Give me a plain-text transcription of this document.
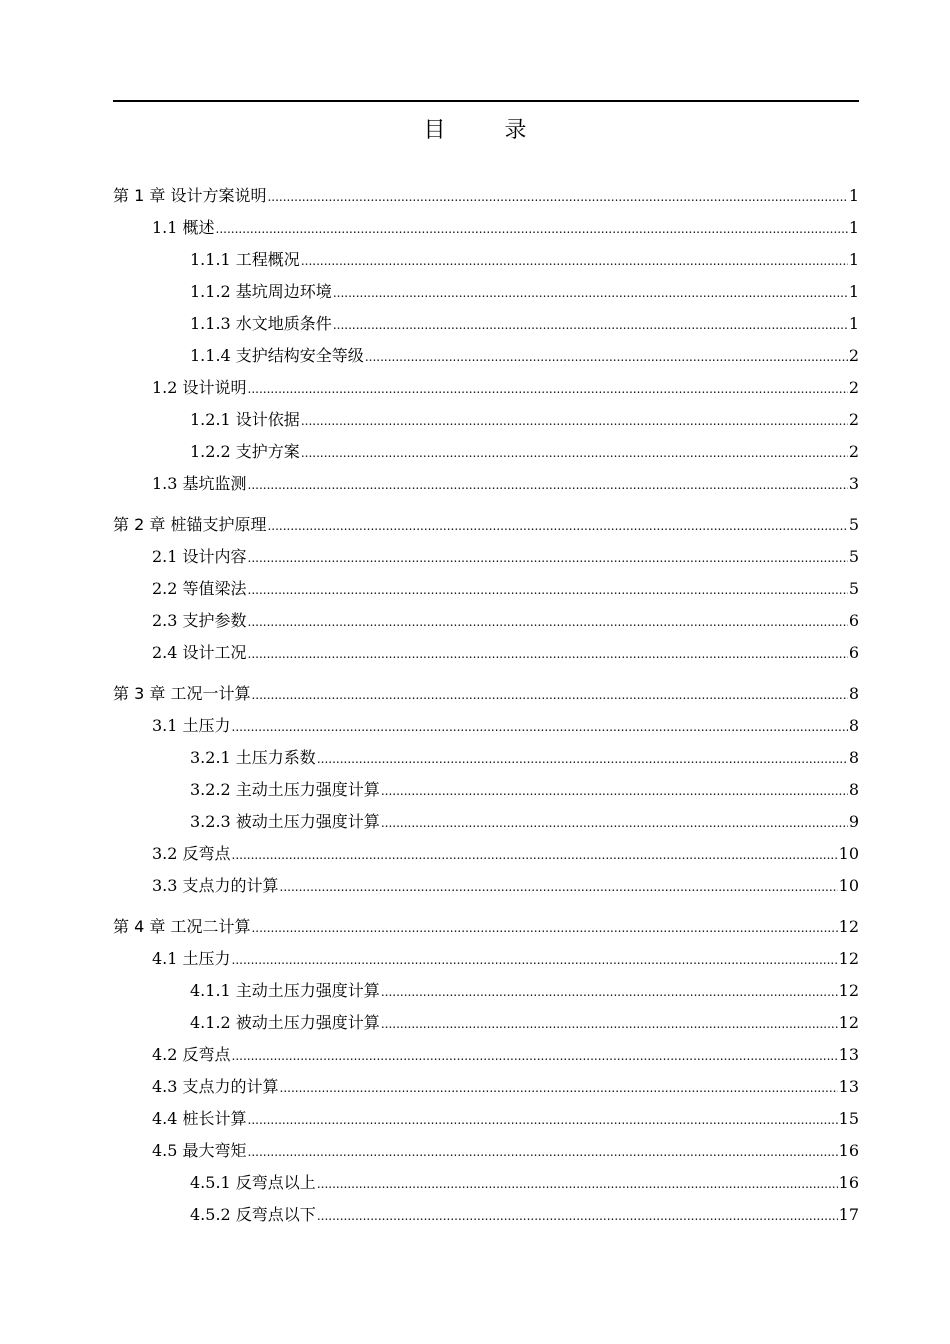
目 录
第 1 章 设计方案说明 .....	1
1.1 概述 .....	1
1.1.1 工程概况 .....	1
1.1.2 基坑周边环境 .....	1
1.1.3 水文地质条件 .....	1
1.1.4 支护结构安全等级 .....	2
1.2 设计说明 .....	2
1.2.1 设计依据 .....	2
1.2.2 支护方案 .....	2
1.3 基坑监测 .....	3
第 2 章 桩锚支护原理 .....	5
2.1 设计内容 .....	5
2.2 等值梁法 .....	5
2.3 支护参数 .....	6
2.4 设计工况 .....	6
第 3 章 工况一计算 .....	8
3.1 土压力 .....	8
3.2.1 土压力系数 .....	8
3.2.2 主动土压力强度计算 .....	8
3.2.3 被动土压力强度计算 .....	9
3.2 反弯点 .....	10
3.3 支点力的计算 .....	10
第 4 章 工况二计算 .....	12
4.1 土压力 .....	12
4.1.1 主动土压力强度计算 .....	12
4.1.2 被动土压力强度计算 .....	12
4.2 反弯点 .....	13
4.3 支点力的计算 .....	13
4.4 桩长计算 .....	15
4.5 最大弯矩 .....	16
4.5.1 反弯点以上 .....	16
4.5.2 反弯点以下 .....	17
